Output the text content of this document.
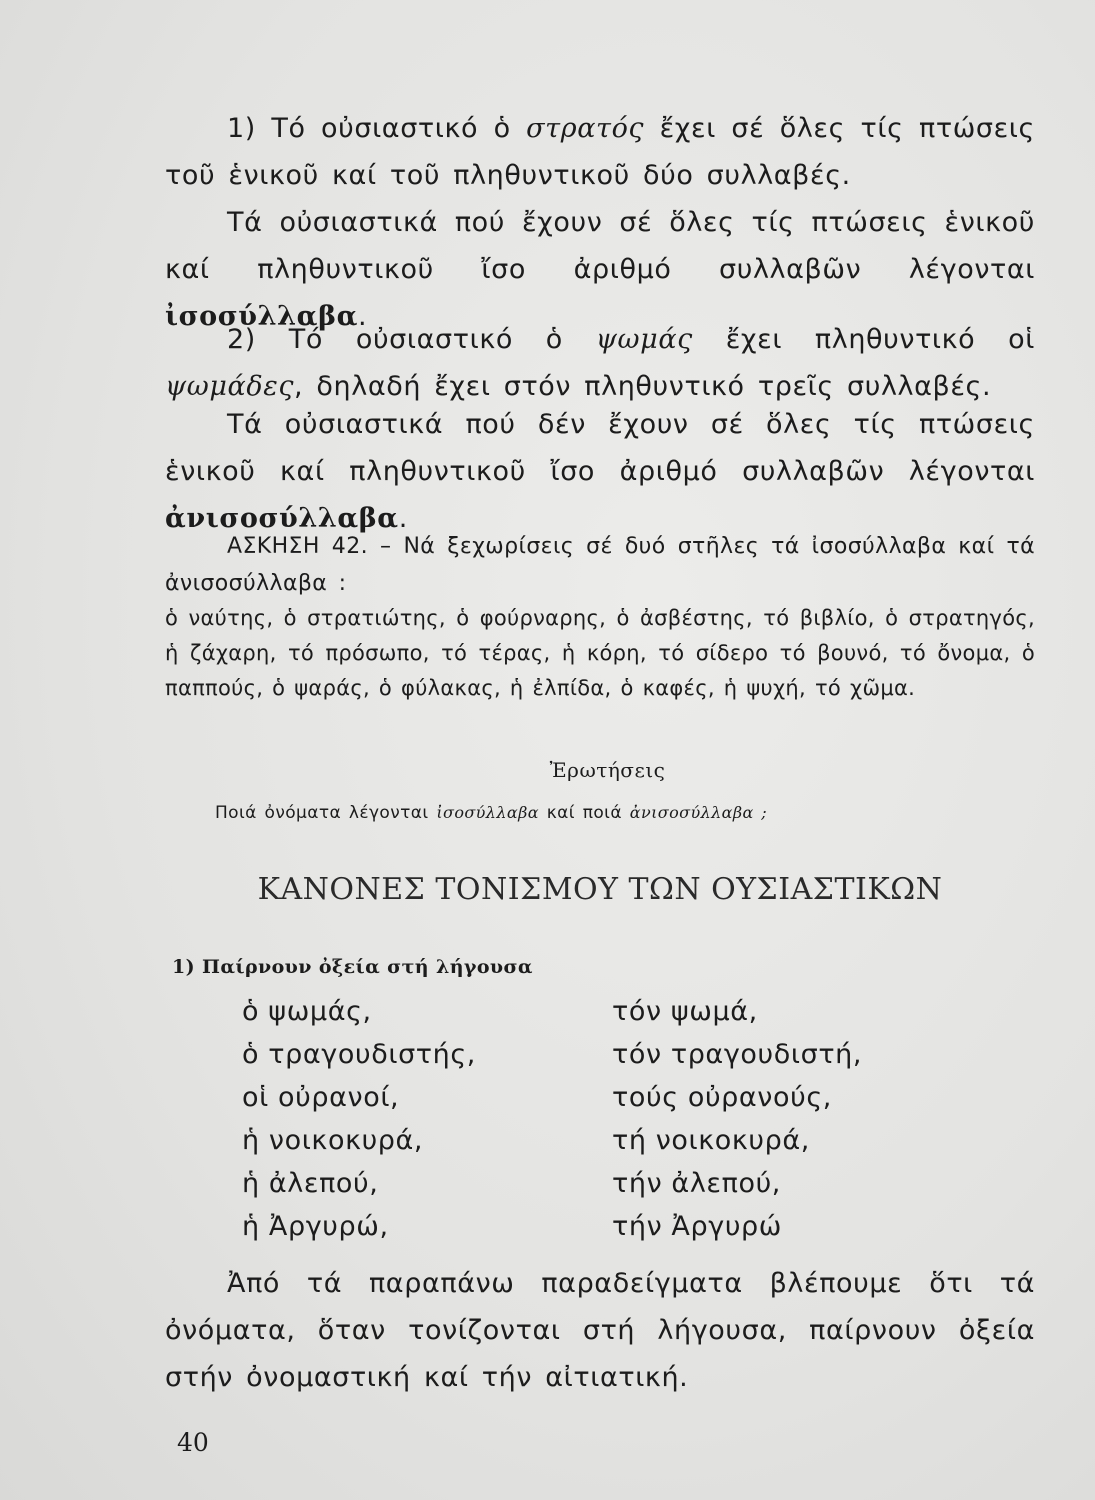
1) Τό οὐσιαστικό ὁ στρατός ἔχει σέ ὅλες τίς πτώσεις τοῦ ἑνικοῦ καί τοῦ πληθυντικοῦ δύο συλλαβές.

Τά οὐσιαστικά πού ἔχουν σέ ὅλες τίς πτώσεις ἑνικοῦ καί πληθυντικοῦ ἴσο ἀριθμό συλλαβῶν λέγονται ἰσοσύλλαβα.

2) Τό οὐσιαστικό ὁ ψωμάς ἔχει πληθυντικό οἱ ψωμάδες, δηλαδή ἔχει στόν πληθυντικό τρεῖς συλλαβές.

Τά οὐσιαστικά πού δέν ἔχουν σέ ὅλες τίς πτώσεις ἑνικοῦ καί πληθυντικοῦ ἴσο ἀριθμό συλλαβῶν λέγονται ἀνισοσύλλαβα.

ΑΣΚΗΣΗ 42. – Νά ξεχωρίσεις σέ δυό στῆλες τά ἰσοσύλλαβα καί τά ἀνισοσύλλαβα :

ὁ ναύτης, ὁ στρατιώτης, ὁ φούρναρης, ὁ ἀσβέστης, τό βιβλίο, ὁ στρατηγός, ἡ ζάχαρη, τό πρόσωπο, τό τέρας, ἡ κόρη, τό σίδερο τό βουνό, τό ὄνομα, ὁ παππούς, ὁ ψαράς, ὁ φύλακας, ἡ ἐλπίδα, ὁ καφές, ἡ ψυχή, τό χῶμα.

Ἐρωτήσεις
Ποιά ὀνόματα λέγονται ἰσοσύλλαβα καί ποιά ἀνισοσύλλαβα ;
ΚΑΝΟΝΕΣ ΤΟΝΙΣΜΟΥ ΤΩΝ ΟΥΣΙΑΣΤΙΚΩΝ
1) Παίρνουν ὀξεία στή λήγουσα
ὁ ψωμάς,	τόν ψωμά,
ὁ τραγουδιστής,	τόν τραγουδιστή,
οἱ οὐρανοί,	τούς οὐρανούς,
ἡ νοικοκυρά,	τή νοικοκυρά,
ἡ ἀλεπού,	τήν ἀλεπού,
ἡ Ἀργυρώ,	τήν Ἀργυρώ

Ἀπό τά παραπάνω παραδείγματα βλέπουμε ὅτι τά ὀνόματα, ὅταν τονίζονται στή λήγουσα, παίρνουν ὀξεία στήν ὀνομαστική καί τήν αἰτιατική.

40
